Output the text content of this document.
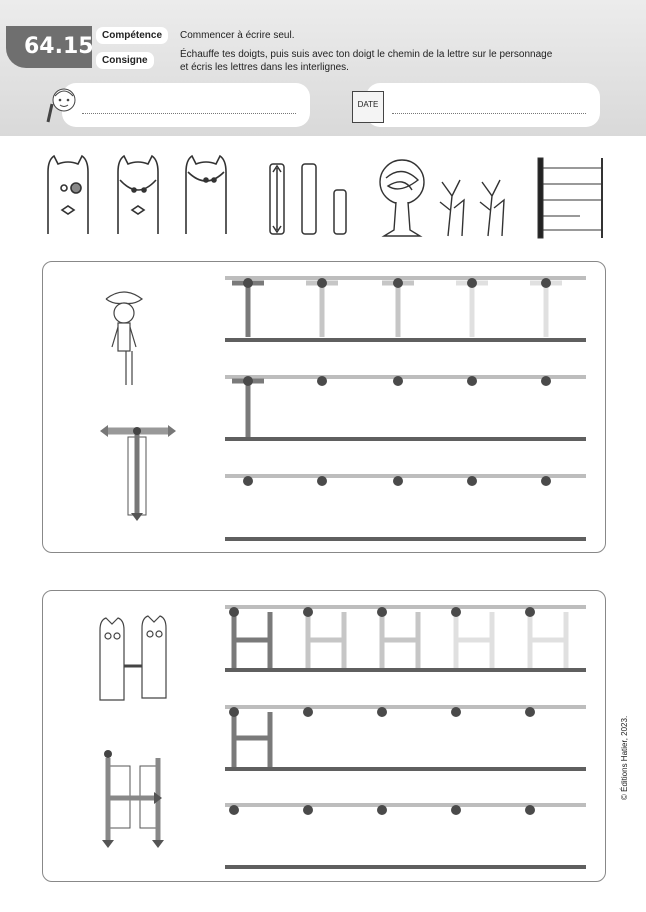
64.15 Compétence	Commencer à écrire seul.
Consigne
Échauffe tes doigts, puis suis avec ton doigt le chemin de la lettre sur le personnage
et écris les lettres dans les interlignes.
DATE
© Éditions Hatier, 2023.
